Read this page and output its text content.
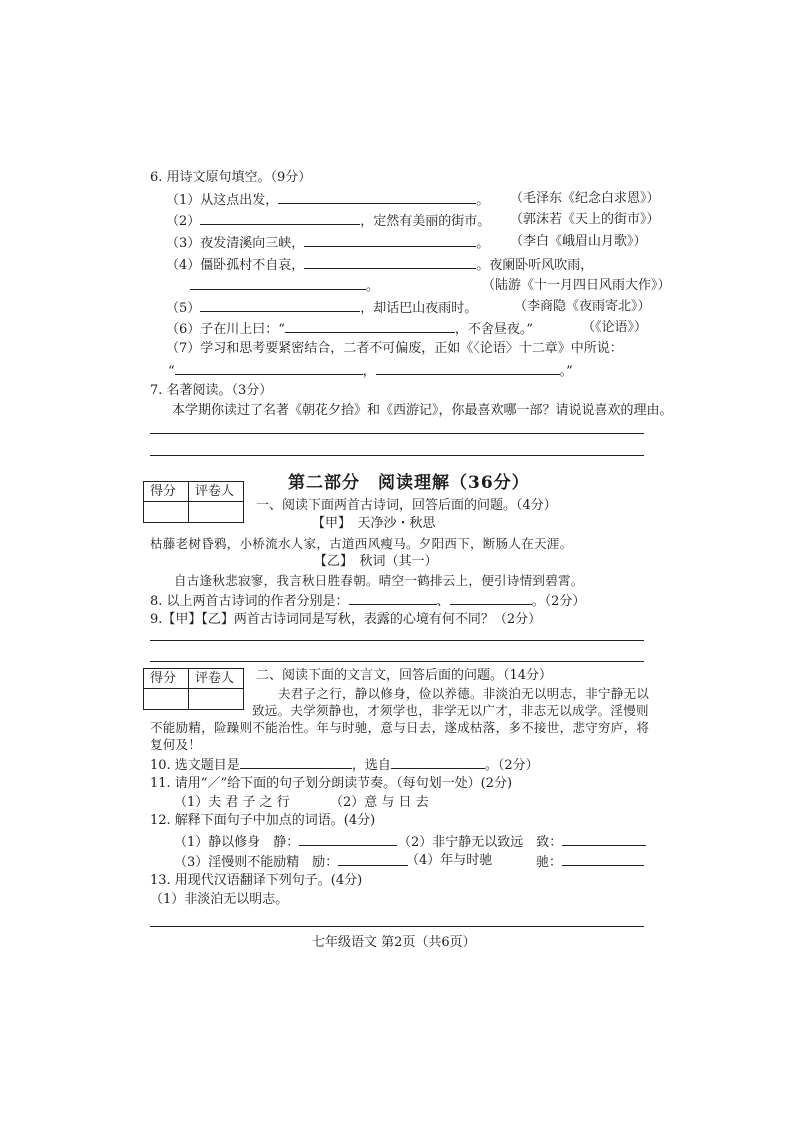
6. 用诗文原句填空。（9分）
（1）从这点出发，	。 （毛泽东《纪念白求恩》）
（2）	，定然有美丽的街市。 （郭沫若《天上的街市》）
（3）夜发清溪向三峡，	。 （李白《峨眉山月歌》）
（4）僵卧孤村不自哀，	。夜阑卧听风吹雨，
。	（陆游《十一月四日风雨大作》）
（5）	，却话巴山夜雨时。	（李商隐《夜雨寄北》）
（6）子在川上曰：“	，不舍昼夜。”	（《论语》）
（7）学习和思考要紧密结合，二者不可偏废，正如《〈论语〉十二章》中所说：
“	，	。”
7. 名著阅读。（3分）
本学期你读过了名著《朝花夕拾》和《西游记》，你最喜欢哪一部？请说说喜欢的理由。
第二部分　阅读理解（36分）
得分 评卷人
一、阅读下面两首古诗词，回答后面的问题。（4分）
【甲】　 天净沙・秋思
枯藤老树昏鸦，小桥流水人家，古道西风瘦马。夕阳西下，断肠人在天涯。
【乙】　 秋词（其一）
自古逢秋悲寂寥，我言秋日胜春朝。晴空一鹤排云上，便引诗情到碧霄。
8. 以上两首古诗词的作者分别是：	、	。（2分）
9.【甲】【乙】两首古诗词同是写秋，表露的心境有何不同？（2分）
得分 评卷人 二、阅读下面的文言文，回答后面的问题。（14分）
夫君子之行，静以修身，俭以养德。非淡泊无以明志，非宁静无以
致远。夫学须静也，才须学也，非学无以广才，非志无以成学。淫慢则
不能励精，险躁则不能治性。年与时驰，意与日去，遂成枯落，多不接世，悲守穷庐，将
复何及！
10. 选文题目是	，选自	。（2分）
11. 请用“／”给下面的句子划分朗读节奏。（每句划一处）(2分)
（1）夫 君 子 之 行	（2）意 与 日 去
12. 解释下面句子中加点的词语。(4分)
（1）静以修身　静：	（2）非宁静无以致远　致：
（3）淫慢则不能励精　励：	（4）年与时驰	驰：
13. 用现代汉语翻译下列句子。(4分)
（1）非淡泊无以明志。
七年级语文 第2页（共6页）
